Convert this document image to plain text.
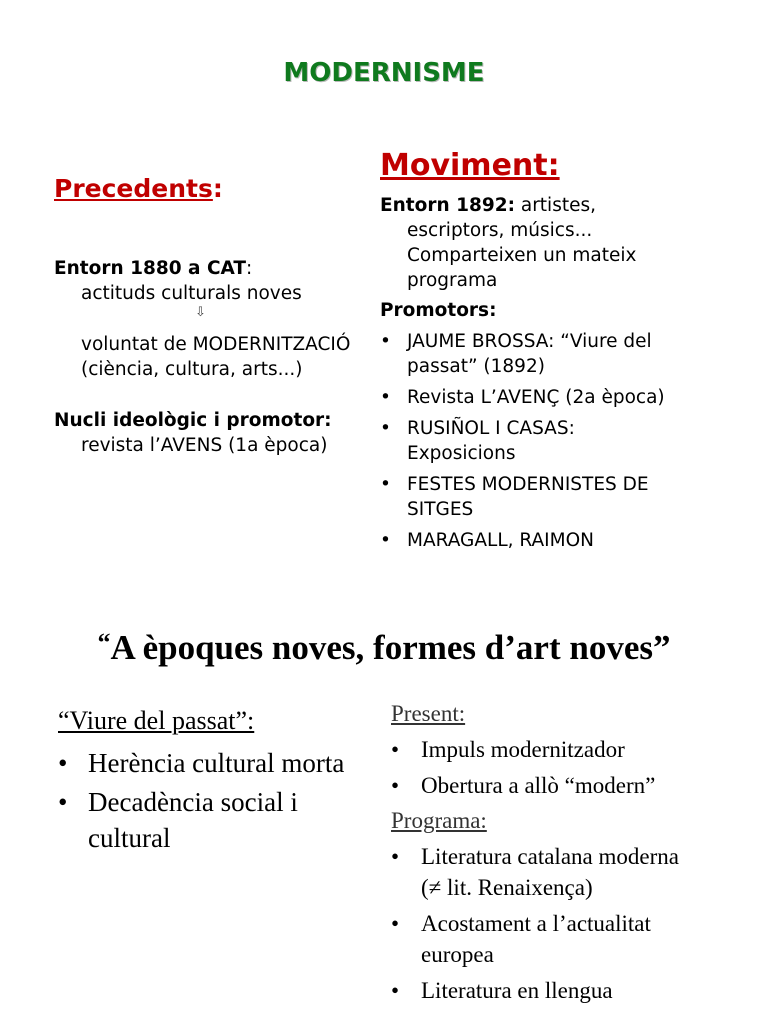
MODERNISME
Precedents:
Moviment:
Entorn 1880 a CAT:
actituds culturals noves
⇩
voluntat de MODERNITZACIÓ (ciència, cultura, arts...)
Nucli ideològic i promotor: revista l’AVENS (1a època)
Entorn 1892: artistes, escriptors, músics... Comparteixen un mateix programa
Promotors:
• JAUME BROSSA: “Viure del passat” (1892)
• Revista L’AVENÇ (2a època)
• RUSIÑOL I CASAS: Exposicions
• FESTES MODERNISTES DE SITGES
• MARAGALL, RAIMON
“A èpoques noves, formes d’art noves”
“Viure del passat”:
• Herència cultural morta
• Decadència social i cultural
Present:
• Impuls modernitzador
• Obertura a allò “modern”
Programa:
• Literatura catalana moderna (≠ lit. Renaixença)
• Acostament a l’actualitat europea
• Literatura en llengua
